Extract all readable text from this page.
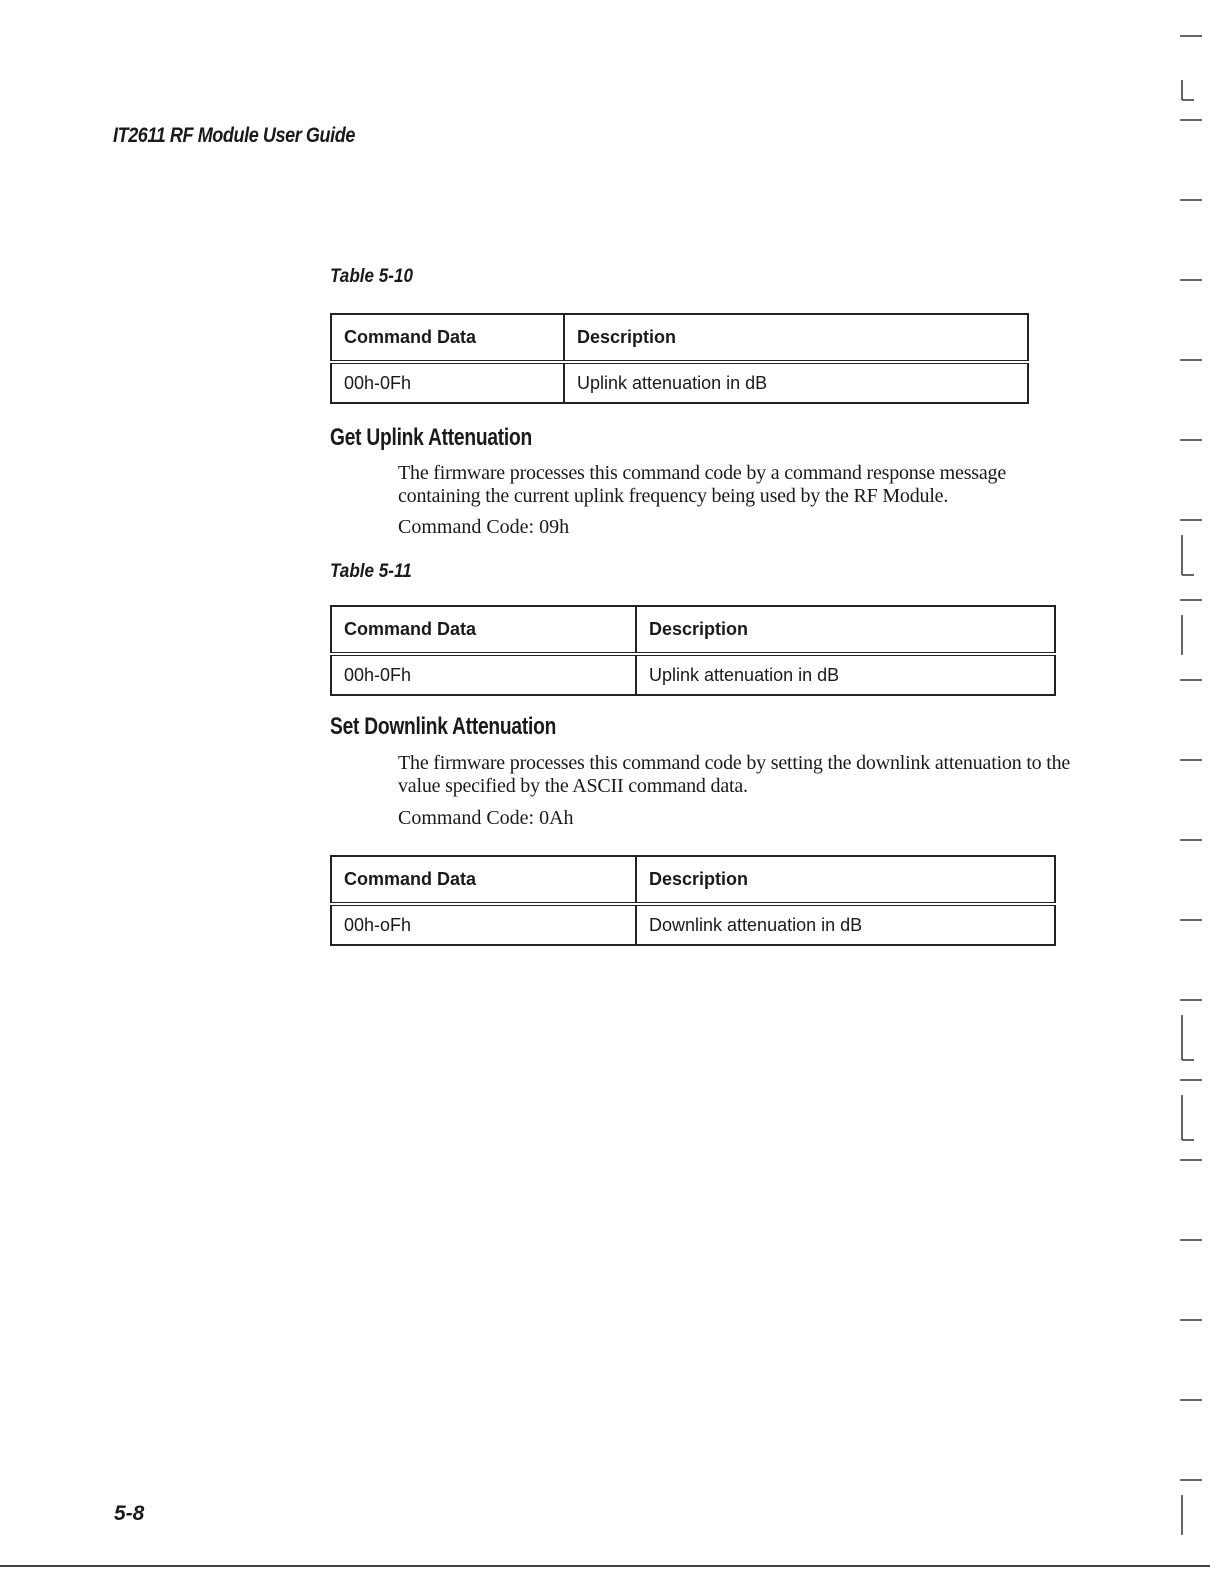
IT2611 RF Module User Guide
Table 5-10
Command Data	Description
00h-0Fh	Uplink attenuation in dB
Get Uplink Attenuation
The firmware processes this command code by a command response message containing the current uplink frequency being used by the RF Module.
Command Code: 09h
Table 5-11
Command Data	Description
00h-0Fh	Uplink attenuation in dB
Set Downlink Attenuation
The firmware processes this command code by setting the downlink attenuation to the value specified by the ASCII command data.
Command Code: 0Ah
Command Data	Description
00h-oFh	Downlink attenuation in dB
5-8
